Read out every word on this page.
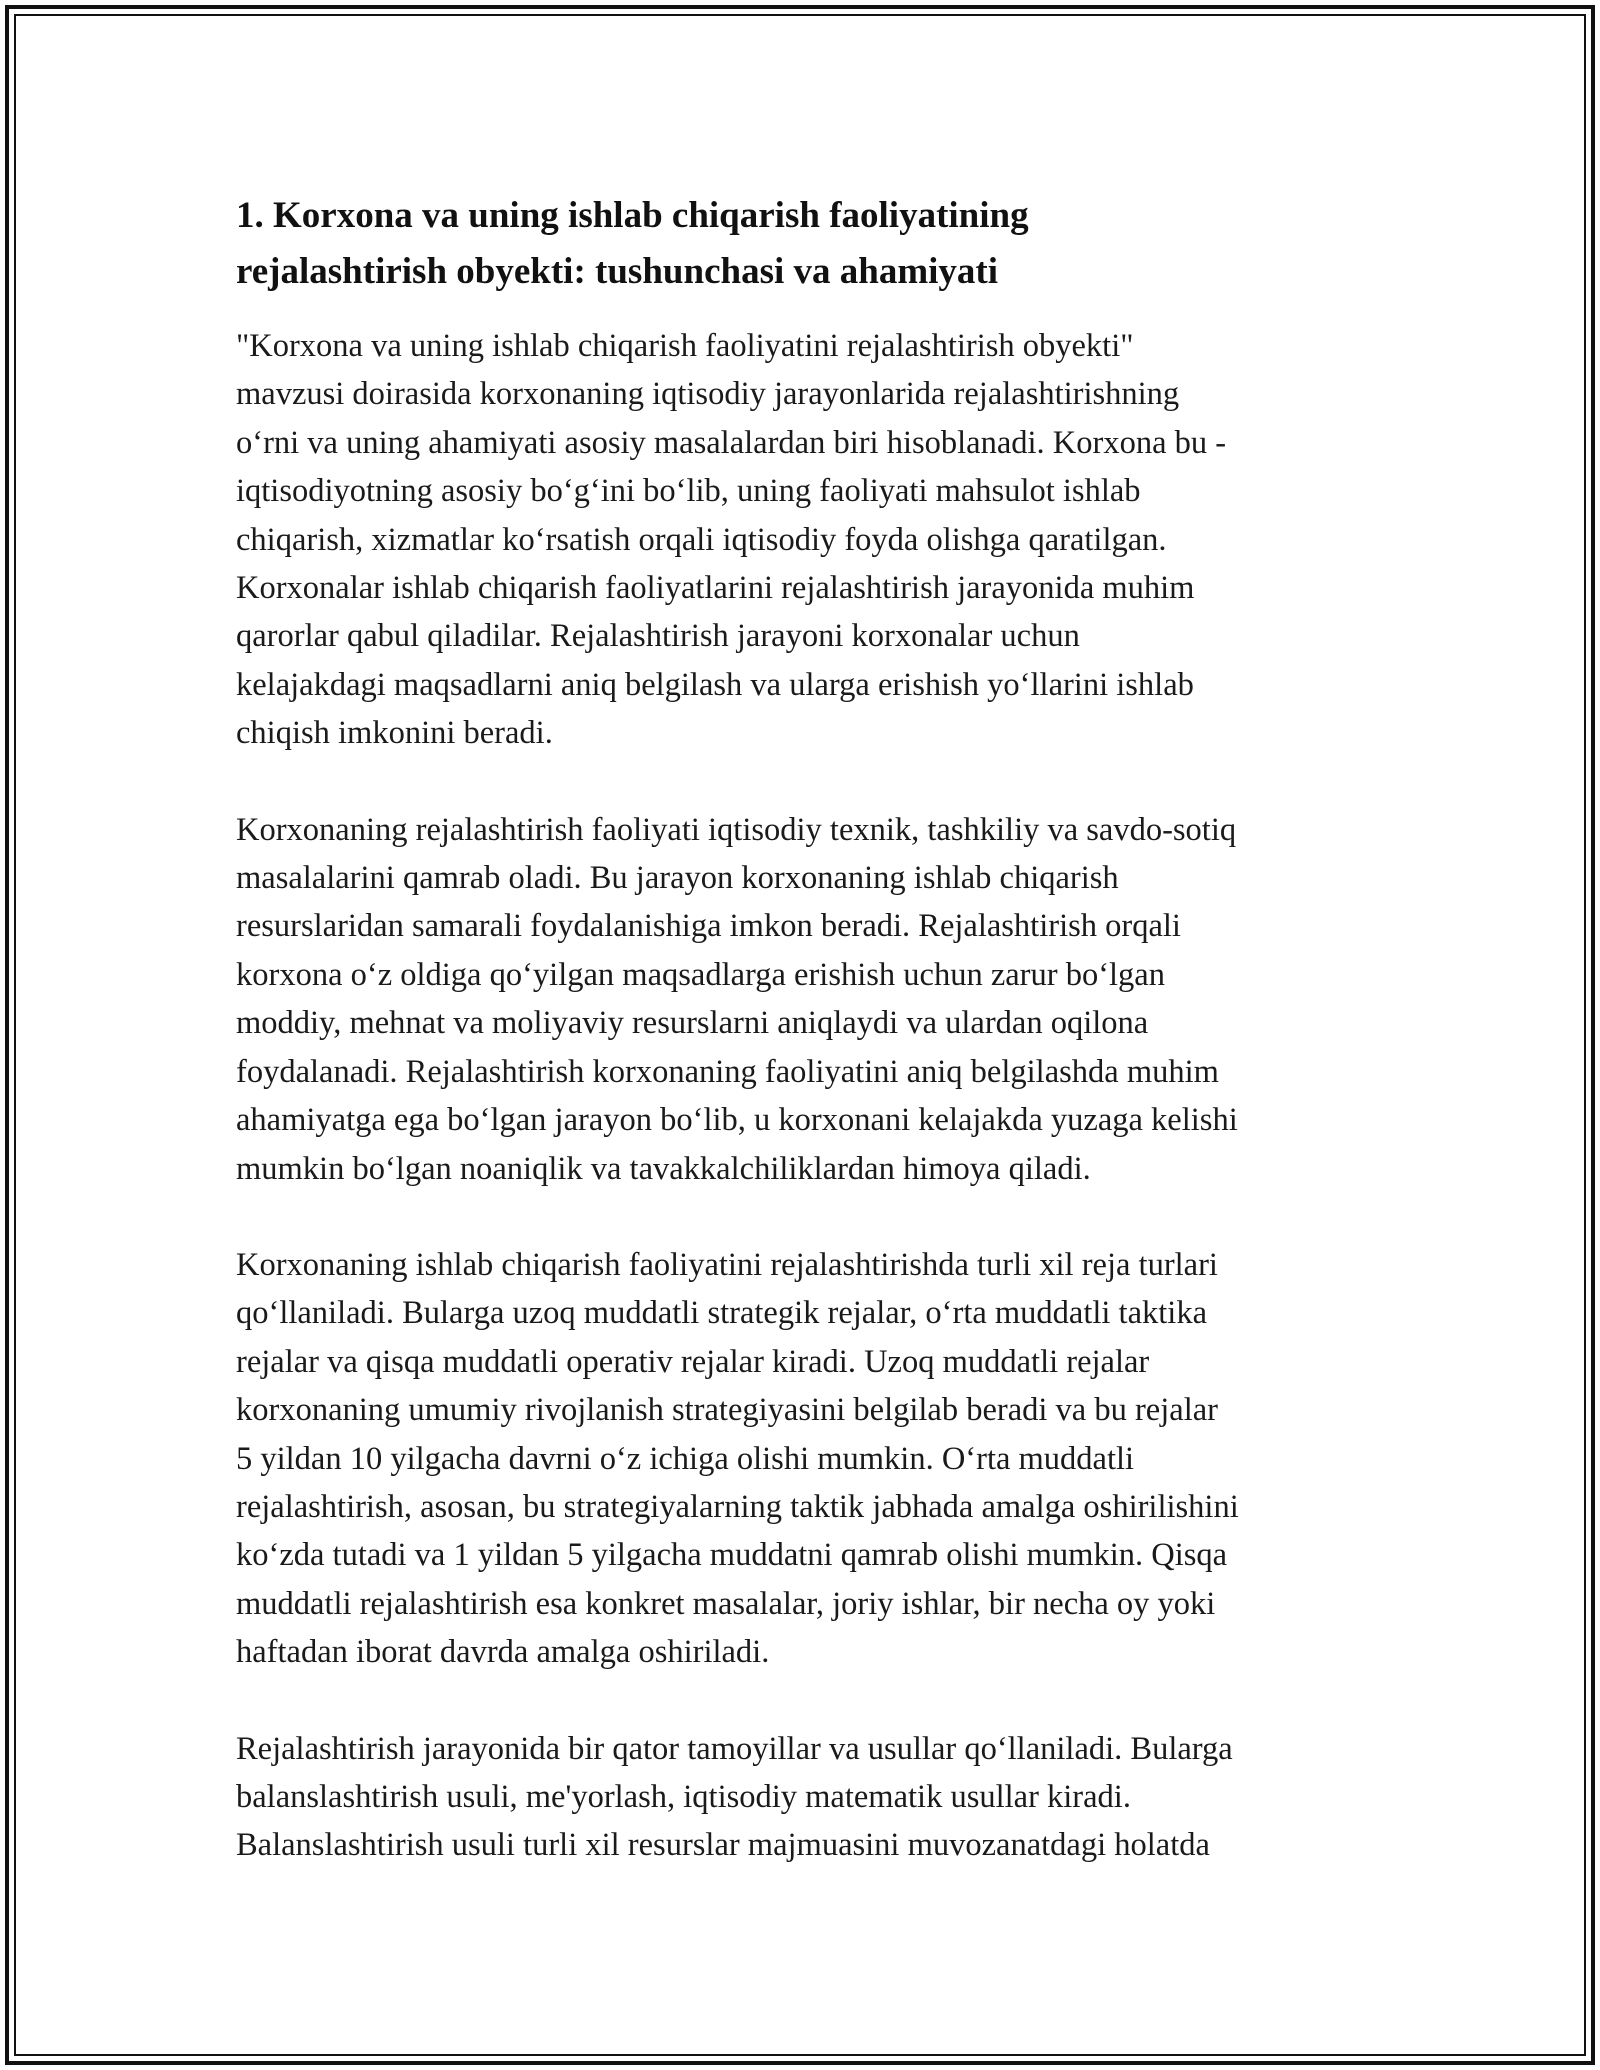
1. Korxona va uning ishlab chiqarish faoliyatining
rejalashtirish obyekti: tushunchasi va ahamiyati

"Korxona va uning ishlab chiqarish faoliyatini rejalashtirish obyekti"
mavzusi doirasida korxonaning iqtisodiy jarayonlarida rejalashtirishning
o‘rni va uning ahamiyati asosiy masalalardan biri hisoblanadi. Korxona bu -
iqtisodiyotning asosiy bo‘g‘ini bo‘lib, uning faoliyati mahsulot ishlab
chiqarish, xizmatlar ko‘rsatish orqali iqtisodiy foyda olishga qaratilgan.
Korxonalar ishlab chiqarish faoliyatlarini rejalashtirish jarayonida muhim
qarorlar qabul qiladilar. Rejalashtirish jarayoni korxonalar uchun
kelajakdagi maqsadlarni aniq belgilash va ularga erishish yo‘llarini ishlab
chiqish imkonini beradi.

Korxonaning rejalashtirish faoliyati iqtisodiy texnik, tashkiliy va savdo-sotiq
masalalarini qamrab oladi. Bu jarayon korxonaning ishlab chiqarish
resurslaridan samarali foydalanishiga imkon beradi. Rejalashtirish orqali
korxona o‘z oldiga qo‘yilgan maqsadlarga erishish uchun zarur bo‘lgan
moddiy, mehnat va moliyaviy resurslarni aniqlaydi va ulardan oqilona
foydalanadi. Rejalashtirish korxonaning faoliyatini aniq belgilashda muhim
ahamiyatga ega bo‘lgan jarayon bo‘lib, u korxonani kelajakda yuzaga kelishi
mumkin bo‘lgan noaniqlik va tavakkalchiliklardan himoya qiladi.

Korxonaning ishlab chiqarish faoliyatini rejalashtirishda turli xil reja turlari
qo‘llaniladi. Bularga uzoq muddatli strategik rejalar, o‘rta muddatli taktika
rejalar va qisqa muddatli operativ rejalar kiradi. Uzoq muddatli rejalar
korxonaning umumiy rivojlanish strategiyasini belgilab beradi va bu rejalar
5 yildan 10 yilgacha davrni o‘z ichiga olishi mumkin. O‘rta muddatli
rejalashtirish, asosan, bu strategiyalarning taktik jabhada amalga oshirilishini
ko‘zda tutadi va 1 yildan 5 yilgacha muddatni qamrab olishi mumkin. Qisqa
muddatli rejalashtirish esa konkret masalalar, joriy ishlar, bir necha oy yoki
haftadan iborat davrda amalga oshiriladi.

Rejalashtirish jarayonida bir qator tamoyillar va usullar qo‘llaniladi. Bularga
balanslashtirish usuli, me'yorlash, iqtisodiy matematik usullar kiradi.
Balanslashtirish usuli turli xil resurslar majmuasini muvozanatdagi holatda
